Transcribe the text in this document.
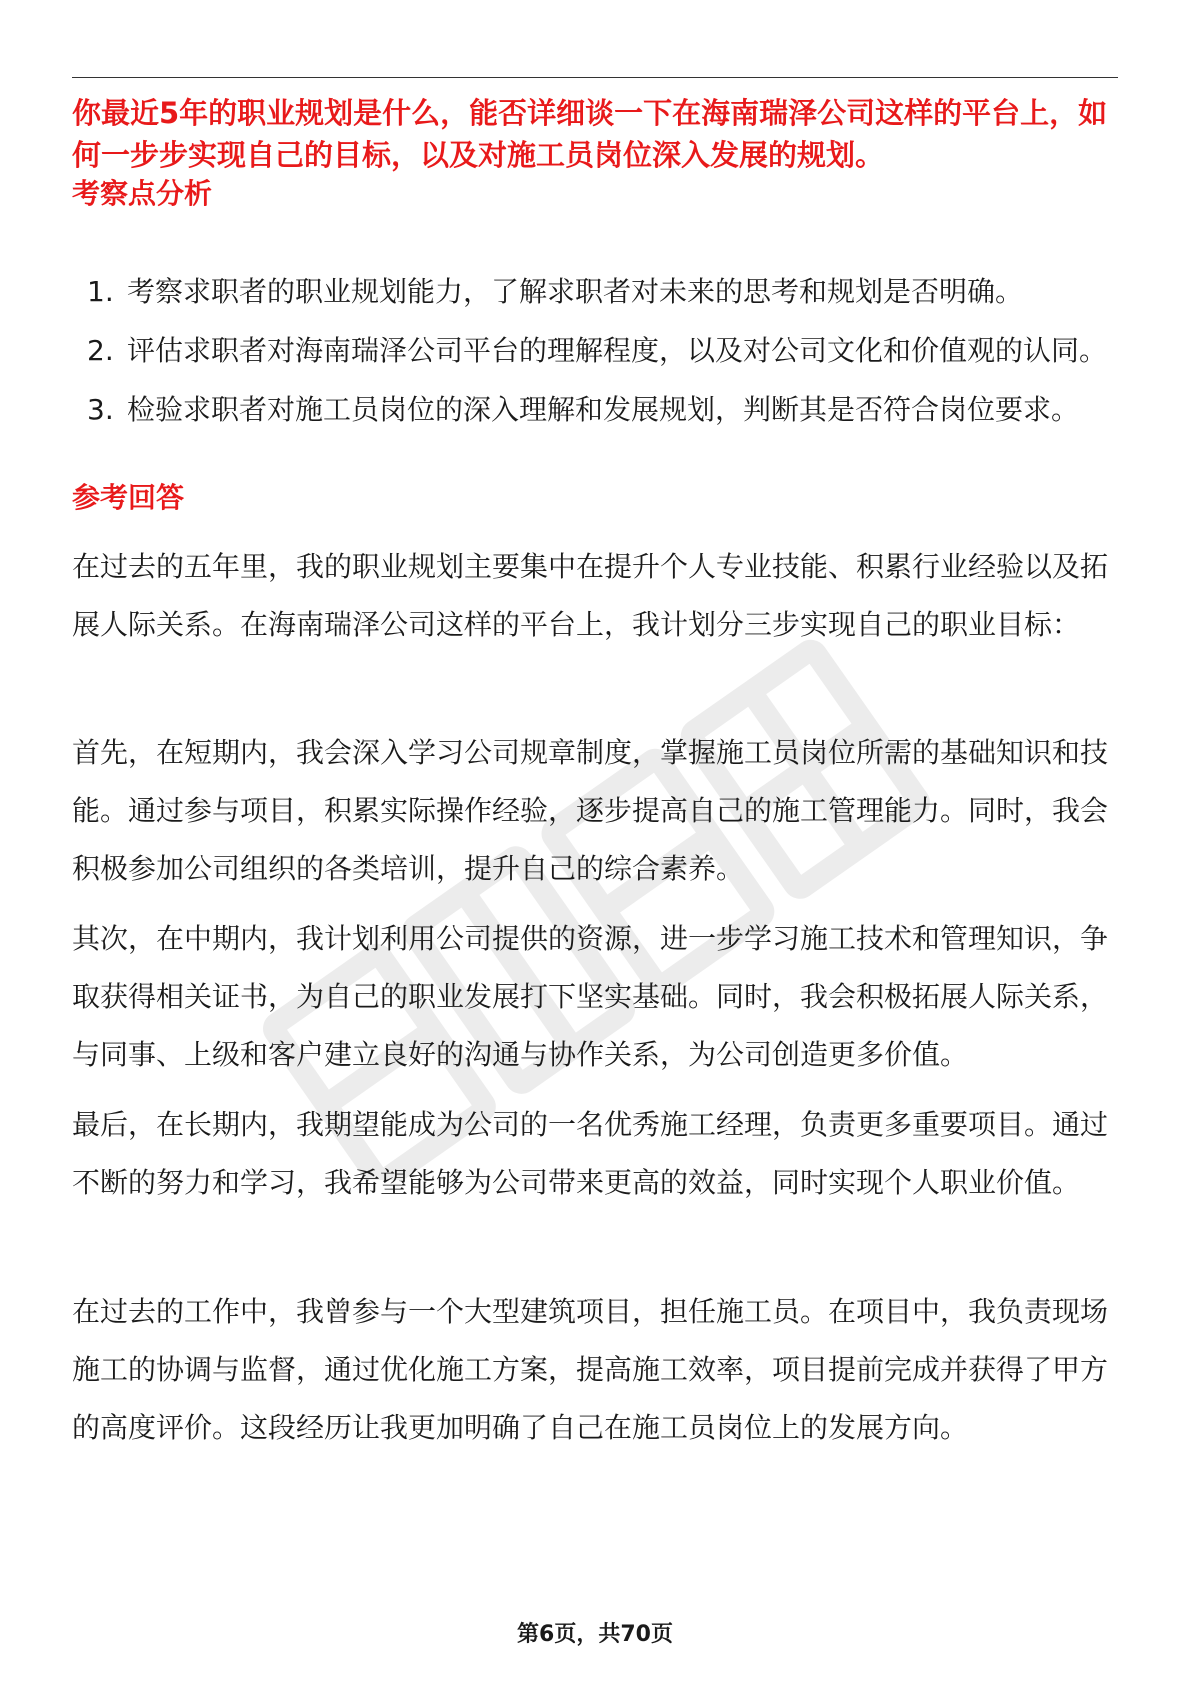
你最近5年的职业规划是什么，能否详细谈一下在海南瑞泽公司这样的平台上，如何一步步实现自己的目标，以及对施工员岗位深入发展的规划。

考察点分析
1. 考察求职者的职业规划能力，了解求职者对未来的思考和规划是否明确。
2. 评估求职者对海南瑞泽公司平台的理解程度，以及对公司文化和价值观的认同。
3. 检验求职者对施工员岗位的深入理解和发展规划，判断其是否符合岗位要求。
参考回答

在过去的五年里，我的职业规划主要集中在提升个人专业技能、积累行业经验以及拓展人际关系。在海南瑞泽公司这样的平台上，我计划分三步实现自己的职业目标：

首先，在短期内，我会深入学习公司规章制度，掌握施工员岗位所需的基础知识和技能。通过参与项目，积累实际操作经验，逐步提高自己的施工管理能力。同时，我会积极参加公司组织的各类培训，提升自己的综合素养。

其次，在中期内，我计划利用公司提供的资源，进一步学习施工技术和管理知识，争取获得相关证书，为自己的职业发展打下坚实基础。同时，我会积极拓展人际关系，与同事、上级和客户建立良好的沟通与协作关系，为公司创造更多价值。

最后，在长期内，我期望能成为公司的一名优秀施工经理，负责更多重要项目。通过不断的努力和学习，我希望能够为公司带来更高的效益，同时实现个人职业价值。

在过去的工作中，我曾参与一个大型建筑项目，担任施工员。在项目中，我负责现场施工的协调与监督，通过优化施工方案，提高施工效率，项目提前完成并获得了甲方的高度评价。这段经历让我更加明确了自己在施工员岗位上的发展方向。

第6页，共70页
